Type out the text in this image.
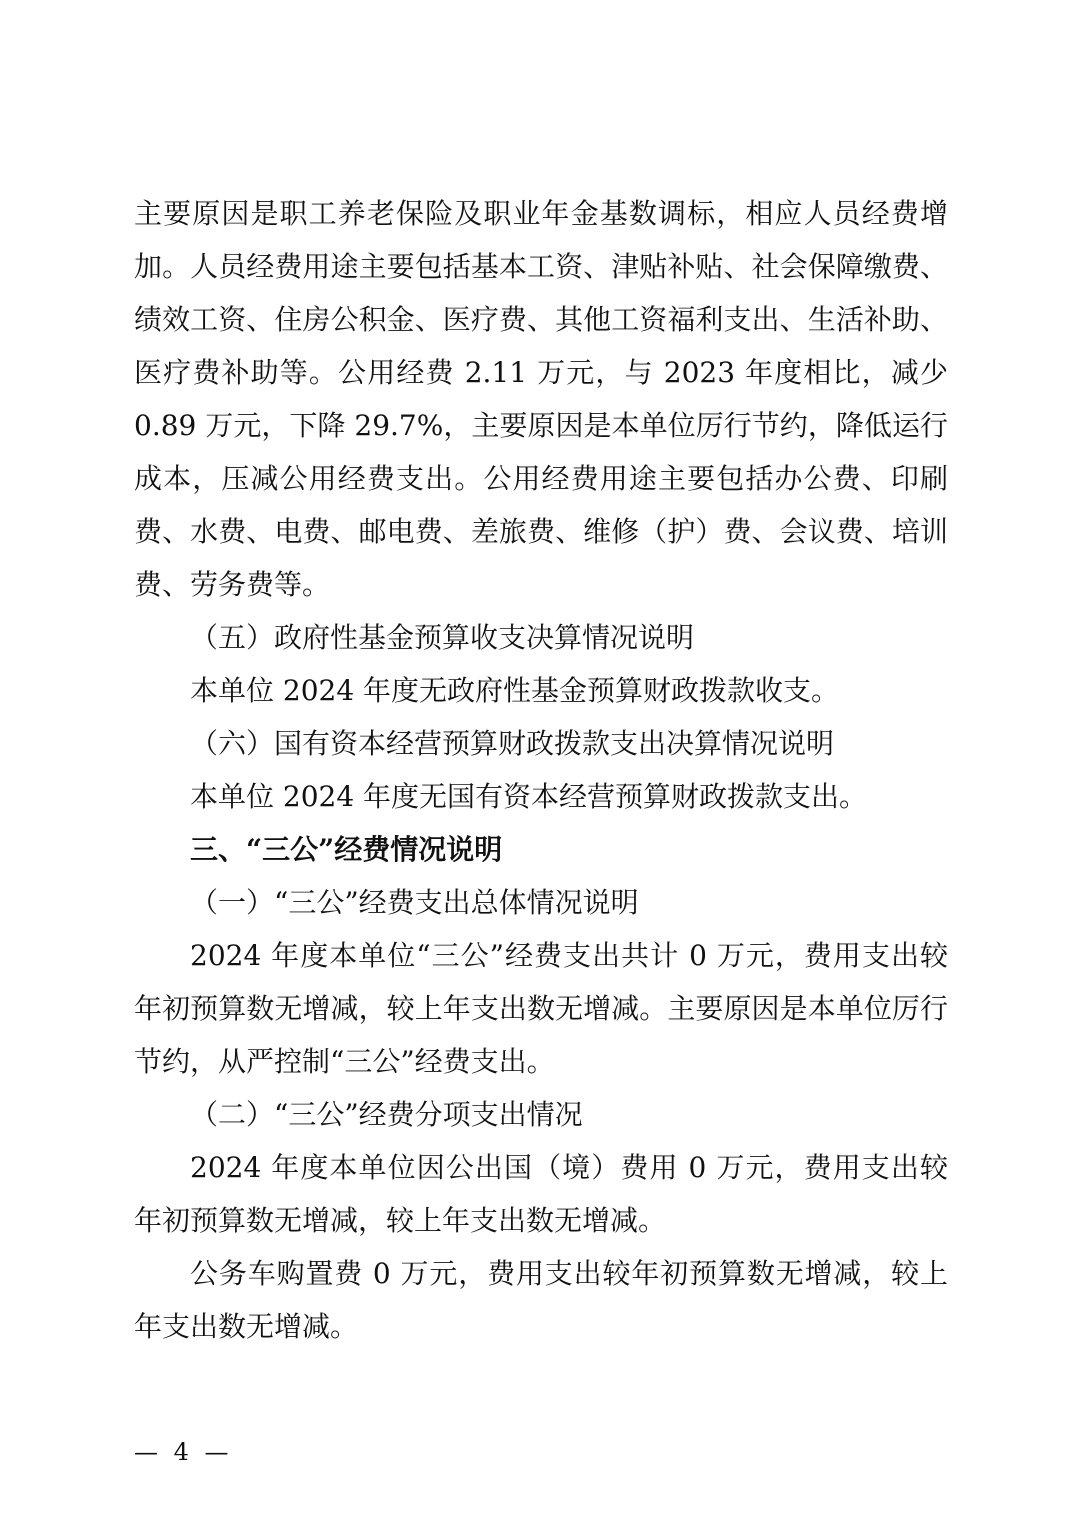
主要原因是职工养老保险及职业年金基数调标，相应人员经费增加。人员经费用途主要包括基本工资、津贴补贴、社会保障缴费、绩效工资、住房公积金、医疗费、其他工资福利支出、生活补助、医疗费补助等。公用经费 2.11 万元，与 2023 年度相比，减少 0.89 万元，下降 29.7%，主要原因是本单位厉行节约，降低运行成本，压减公用经费支出。公用经费用途主要包括办公费、印刷费、水费、电费、邮电费、差旅费、维修（护）费、会议费、培训费、劳务费等。

（五）政府性基金预算收支决算情况说明

本单位 2024 年度无政府性基金预算财政拨款收支。

（六）国有资本经营预算财政拨款支出决算情况说明

本单位 2024 年度无国有资本经营预算财政拨款支出。

三、“三公”经费情况说明

（一）“三公”经费支出总体情况说明

2024 年度本单位“三公”经费支出共计 0 万元，费用支出较年初预算数无增减，较上年支出数无增减。主要原因是本单位厉行节约，从严控制“三公”经费支出。

（二）“三公”经费分项支出情况

2024 年度本单位因公出国（境）费用 0 万元，费用支出较年初预算数无增减，较上年支出数无增减。

公务车购置费 0 万元，费用支出较年初预算数无增减，较上年支出数无增减。

— 4 —
